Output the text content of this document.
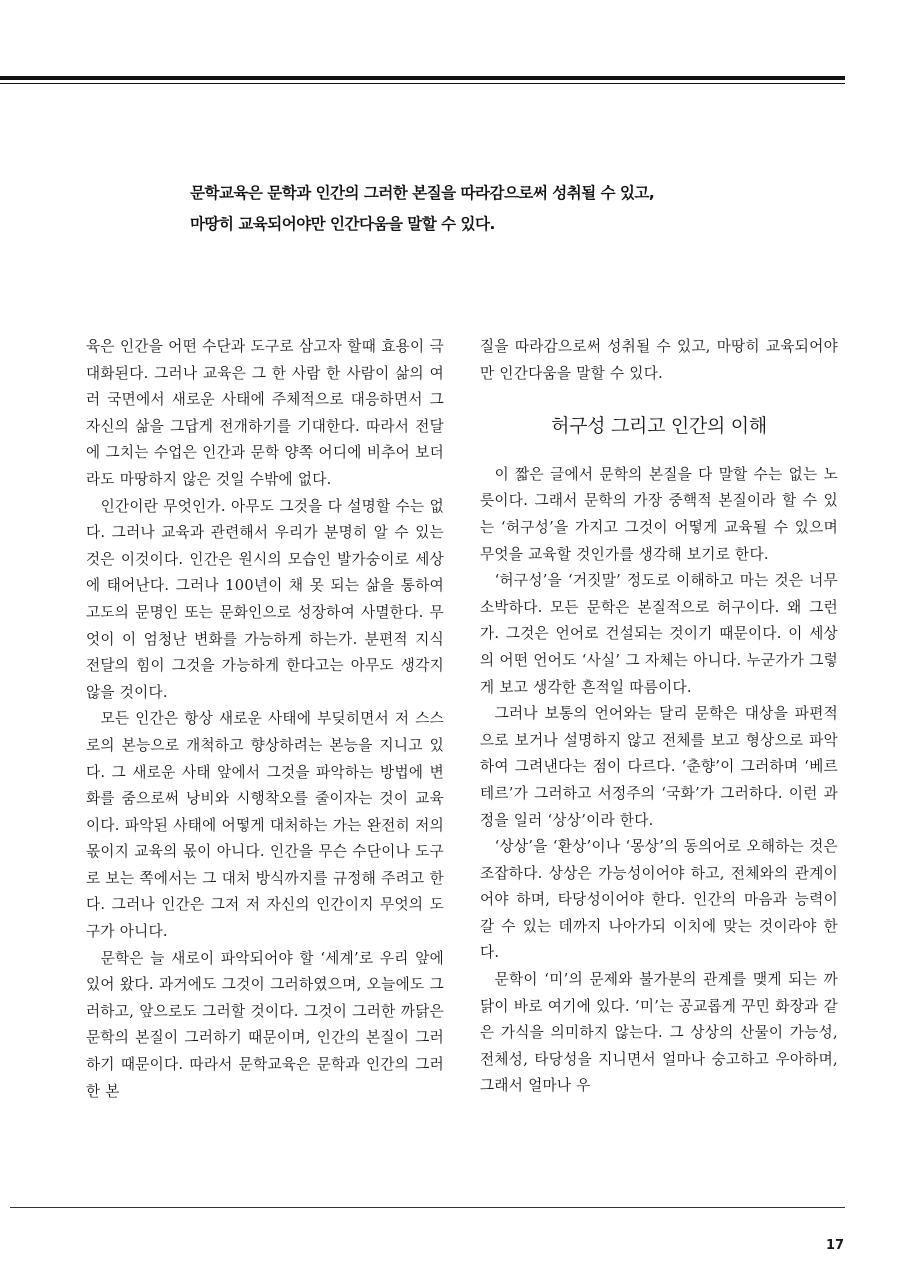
문학교육은 문학과 인간의 그러한 본질을 따라감으로써 성취될 수 있고,

마땅히 교육되어야만 인간다움을 말할 수 있다.

육은 인간을 어떤 수단과 도구로 삼고자 할때 효용이 극대화된다. 그러나 교육은 그 한 사람 한 사람이 삶의 여러 국면에서 새로운 사태에 주체적으로 대응하면서 그 자신의 삶을 그답게 전개하기를 기대한다. 따라서 전달에 그치는 수업은 인간과 문학 양쪽 어디에 비추어 보더라도 마땅하지 않은 것일 수밖에 없다.

인간이란 무엇인가. 아무도 그것을 다 설명할 수는 없다. 그러나 교육과 관련해서 우리가 분명히 알 수 있는 것은 이것이다. 인간은 원시의 모습인 발가숭이로 세상에 태어난다. 그러나 100년이 채 못 되는 삶을 통하여 고도의 문명인 또는 문화인으로 성장하여 사멸한다. 무엇이 이 엄청난 변화를 가능하게 하는가. 분편적 지식 전달의 힘이 그것을 가능하게 한다고는 아무도 생각지 않을 것이다.

모든 인간은 항상 새로운 사태에 부딪히면서 저 스스로의 본능으로 개척하고 향상하려는 본능을 지니고 있다. 그 새로운 사태 앞에서 그것을 파악하는 방법에 변화를 줌으로써 낭비와 시행착오를 줄이자는 것이 교육이다. 파악된 사태에 어떻게 대처하는 가는 완전히 저의 몫이지 교육의 몫이 아니다. 인간을 무슨 수단이나 도구로 보는 쪽에서는 그 대처 방식까지를 규정해 주려고 한다. 그러나 인간은 그저 저 자신의 인간이지 무엇의 도구가 아니다.

문학은 늘 새로이 파악되어야 할 ‘세계’로 우리 앞에 있어 왔다. 과거에도 그것이 그러하였으며, 오늘에도 그러하고, 앞으로도 그러할 것이다. 그것이 그러한 까닭은 문학의 본질이 그러하기 때문이며, 인간의 본질이 그러하기 때문이다. 따라서 문학교육은 문학과 인간의 그러한 본

질을 따라감으로써 성취될 수 있고, 마땅히 교육되어야만 인간다움을 말할 수 있다.

허구성 그리고 인간의 이해

이 짧은 글에서 문학의 본질을 다 말할 수는 없는 노릇이다. 그래서 문학의 가장 중핵적 본질이라 할 수 있는 ‘허구성’을 가지고 그것이 어떻게 교육될 수 있으며 무엇을 교육할 것인가를 생각해 보기로 한다.

‘허구성’을 ‘거짓말’ 정도로 이해하고 마는 것은 너무 소박하다. 모든 문학은 본질적으로 허구이다. 왜 그런가. 그것은 언어로 건설되는 것이기 때문이다. 이 세상의 어떤 언어도 ‘사실’ 그 자체는 아니다. 누군가가 그렇게 보고 생각한 흔적일 따름이다.

그러나 보통의 언어와는 달리 문학은 대상을 파편적으로 보거나 설명하지 않고 전체를 보고 형상으로 파악하여 그려낸다는 점이 다르다. ‘춘향’이 그러하며 ‘베르테르’가 그러하고 서정주의 ‘국화’가 그러하다. 이런 과정을 일러 ‘상상’이라 한다.

‘상상’을 ‘환상’이나 ‘몽상’의 동의어로 오해하는 것은 조잡하다. 상상은 가능성이어야 하고, 전체와의 관계이어야 하며, 타당성이어야 한다. 인간의 마음과 능력이 갈 수 있는 데까지 나아가되 이치에 맞는 것이라야 한다.

문학이 ‘미’의 문제와 불가분의 관계를 맺게 되는 까닭이 바로 여기에 있다. ‘미’는 공교롭게 꾸민 화장과 같은 가식을 의미하지 않는다. 그 상상의 산물이 가능성, 전체성, 타당성을 지니면서 얼마나 숭고하고 우아하며, 그래서 얼마나 우

17
